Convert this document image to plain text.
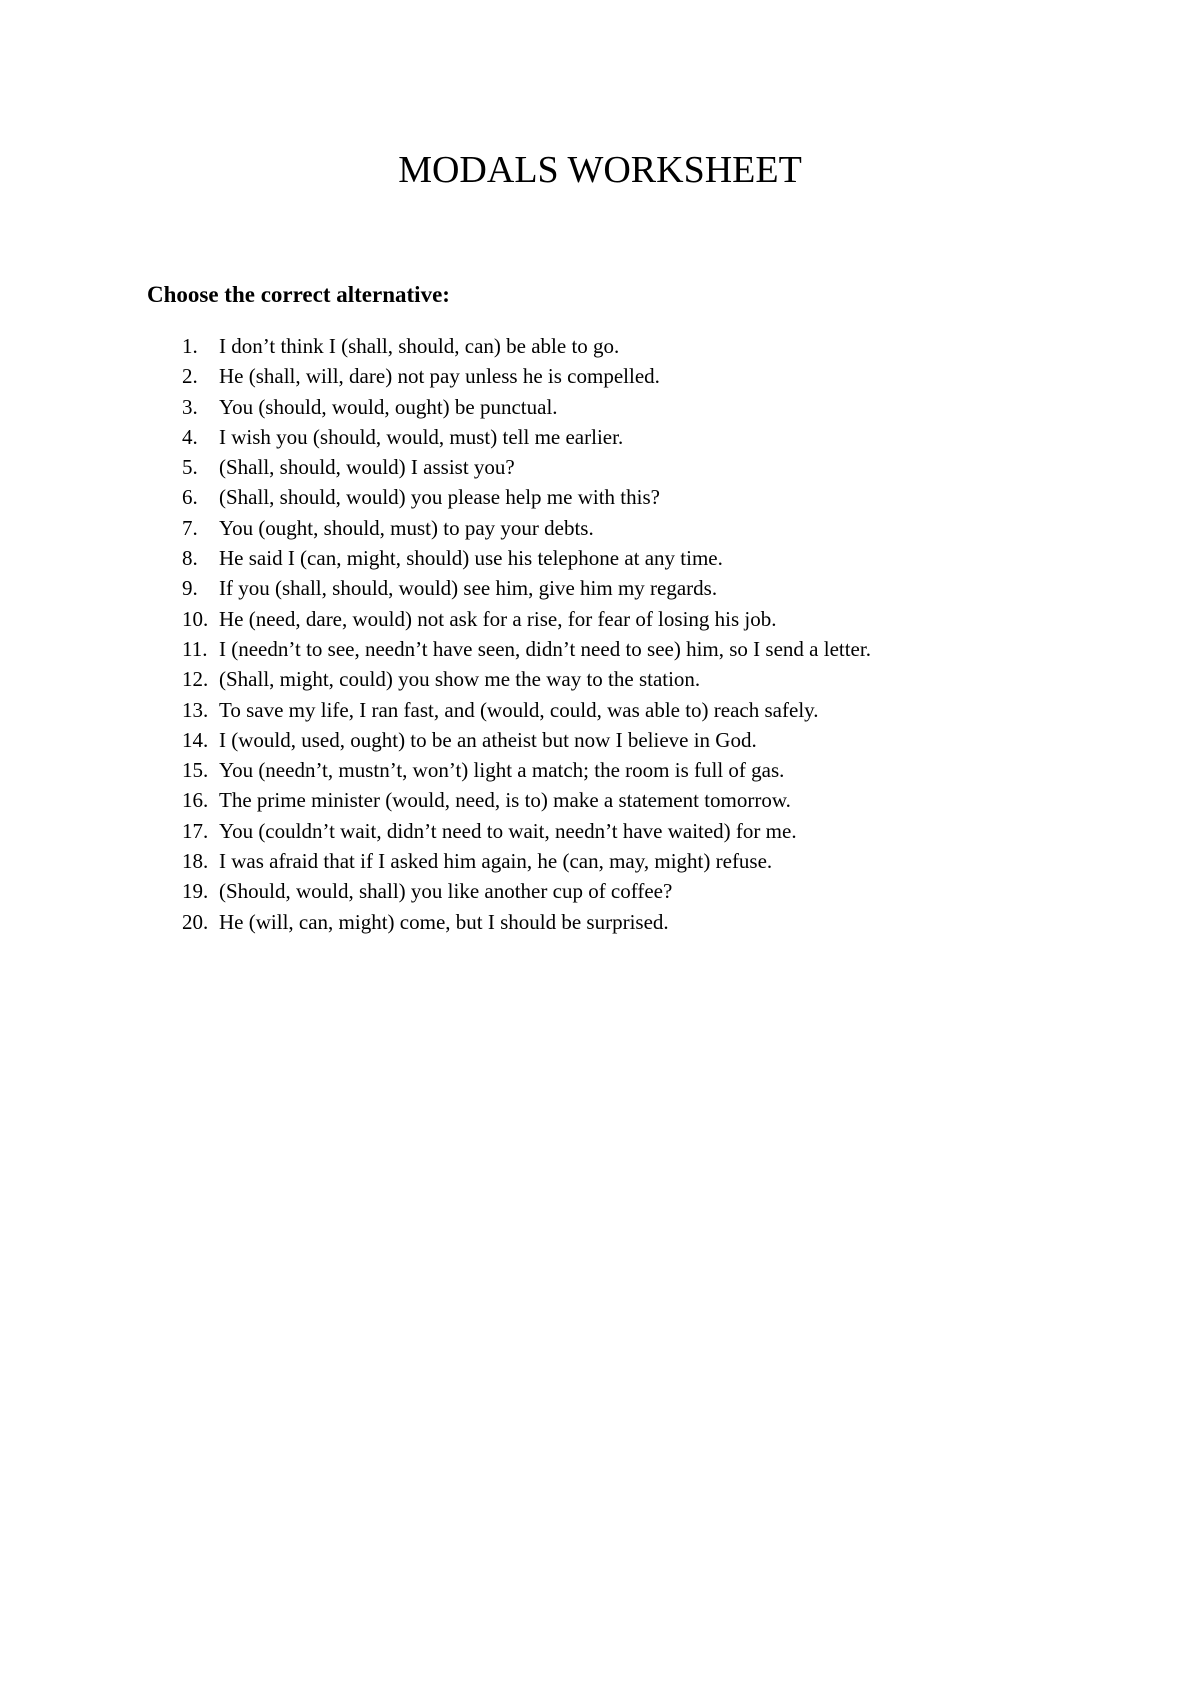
MODALS WORKSHEET

Choose the correct alternative:

1. I don’t think I (shall, should, can) be able to go.
2. He (shall, will, dare) not pay unless he is compelled.
3. You (should, would, ought) be punctual.
4. I wish you (should, would, must) tell me earlier.
5. (Shall, should, would) I assist you?
6. (Shall, should, would) you please help me with this?
7. You (ought, should, must) to pay your debts.
8. He said I (can, might, should) use his telephone at any time.
9. If you (shall, should, would) see him, give him my regards.
10. He (need, dare, would) not ask for a rise, for fear of losing his job.
11. I (needn’t to see, needn’t have seen, didn’t need to see) him, so I send a letter.
12. (Shall, might, could) you show me the way to the station.
13. To save my life, I ran fast, and (would, could, was able to) reach safely.
14. I (would, used, ought) to be an atheist but now I believe in God.
15. You (needn’t, mustn’t, won’t) light a match; the room is full of gas.
16. The prime minister (would, need, is to) make a statement tomorrow.
17. You (couldn’t wait, didn’t need to wait, needn’t have waited) for me.
18. I was afraid that if I asked him again, he (can, may, might) refuse.
19. (Should, would, shall) you like another cup of coffee?
20. He (will, can, might) come, but I should be surprised.
